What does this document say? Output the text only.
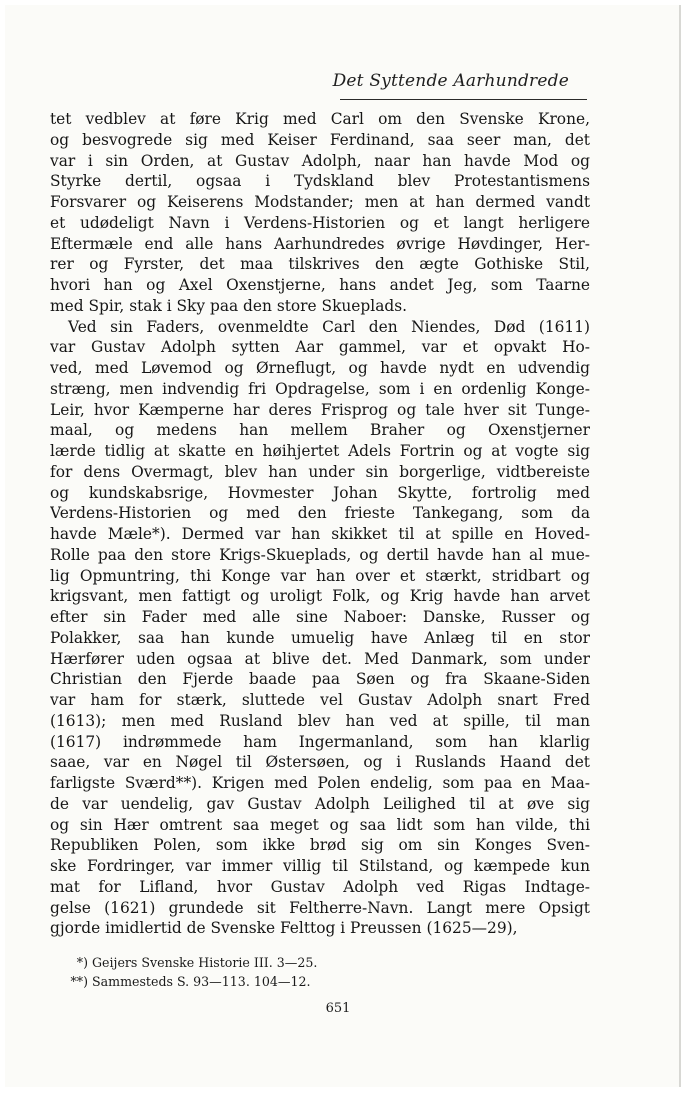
Det Syttende Aarhundrede
tet vedblev at føre Krig med Carl om den Svenske Krone,
og besvogrede sig med Keiser Ferdinand, saa seer man, det
var i sin Orden, at Gustav Adolph, naar han havde Mod og
Styrke dertil, ogsaa i Tydskland blev Protestantismens
Forsvarer og Keiserens Modstander; men at han dermed vandt
et udødeligt Navn i Verdens-Historien og et langt herligere
Eftermæle end alle hans Aarhundredes øvrige Høvdinger, Her-
rer og Fyrster, det maa tilskrives den ægte Gothiske Stil,
hvori han og Axel Oxenstjerne, hans andet Jeg, som Taarne
med Spir, stak i Sky paa den store Skueplads.
Ved sin Faders, ovenmeldte Carl den Niendes, Død (1611)
var Gustav Adolph sytten Aar gammel, var et opvakt Ho-
ved, med Løvemod og Ørneflugt, og havde nydt en udvendig
stræng, men indvendig fri Opdragelse, som i en ordenlig Konge-
Leir, hvor Kæmperne har deres Frisprog og tale hver sit Tunge-
maal, og medens han mellem Braher og Oxenstjerner
lærde tidlig at skatte en høihjertet Adels Fortrin og at vogte sig
for dens Overmagt, blev han under sin borgerlige, vidtbereiste
og kundskabsrige, Hovmester Johan Skytte, fortrolig med
Verdens-Historien og med den frieste Tankegang, som da
havde Mæle*). Dermed var han skikket til at spille en Hoved-
Rolle paa den store Krigs-Skueplads, og dertil havde han al mue-
lig Opmuntring, thi Konge var han over et stærkt, stridbart og
krigsvant, men fattigt og uroligt Folk, og Krig havde han arvet
efter sin Fader med alle sine Naboer: Danske, Russer og
Polakker, saa han kunde umuelig have Anlæg til en stor
Hærfører uden ogsaa at blive det. Med Danmark, som under
Christian den Fjerde baade paa Søen og fra Skaane-Siden
var ham for stærk, sluttede vel Gustav Adolph snart Fred
(1613); men med Rusland blev han ved at spille, til man
(1617) indrømmede ham Ingermanland, som han klarlig
saae, var en Nøgel til Østersøen, og i Ruslands Haand det
farligste Sværd**). Krigen med Polen endelig, som paa en Maa-
de var uendelig, gav Gustav Adolph Leilighed til at øve sig
og sin Hær omtrent saa meget og saa lidt som han vilde, thi
Republiken Polen, som ikke brød sig om sin Konges Sven-
ske Fordringer, var immer villig til Stilstand, og kæmpede kun
mat for Lifland, hvor Gustav Adolph ved Rigas Indtage-
gelse (1621) grundede sit Feltherre-Navn. Langt mere Opsigt
gjorde imidlertid de Svenske Felttog i Preussen (1625—29),
*) Geijers Svenske Historie III. 3—25.
**) Sammesteds S. 93—113. 104—12.
651
